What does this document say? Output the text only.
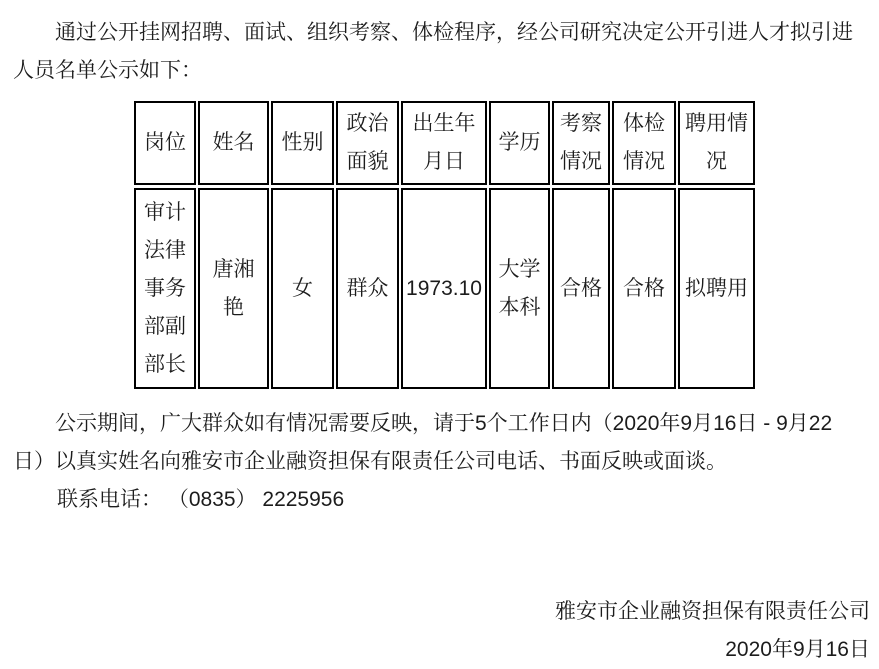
通过公开挂网招聘、面试、组织考察、体检程序，经公司研究决定公开引进人才拟引进
人员名单公示如下：
岗位 姓名 性别
政治
面貌
出生年
月日
学历
考察
情况
体检
情况
聘用情
况
审计
法律
事务
部副
部长
唐湘
艳
女 群众 1973.10
大学
本科
合格 合格 拟聘用
公示期间，广大群众如有情况需要反映，请于5个工作日内（2020年9月16日 - 9月22
日）以真实姓名向雅安市企业融资担保有限责任公司电话、书面反映或面谈。
联系电话： （0835） 2225956
雅安市企业融资担保有限责任公司
2020年9月16日
